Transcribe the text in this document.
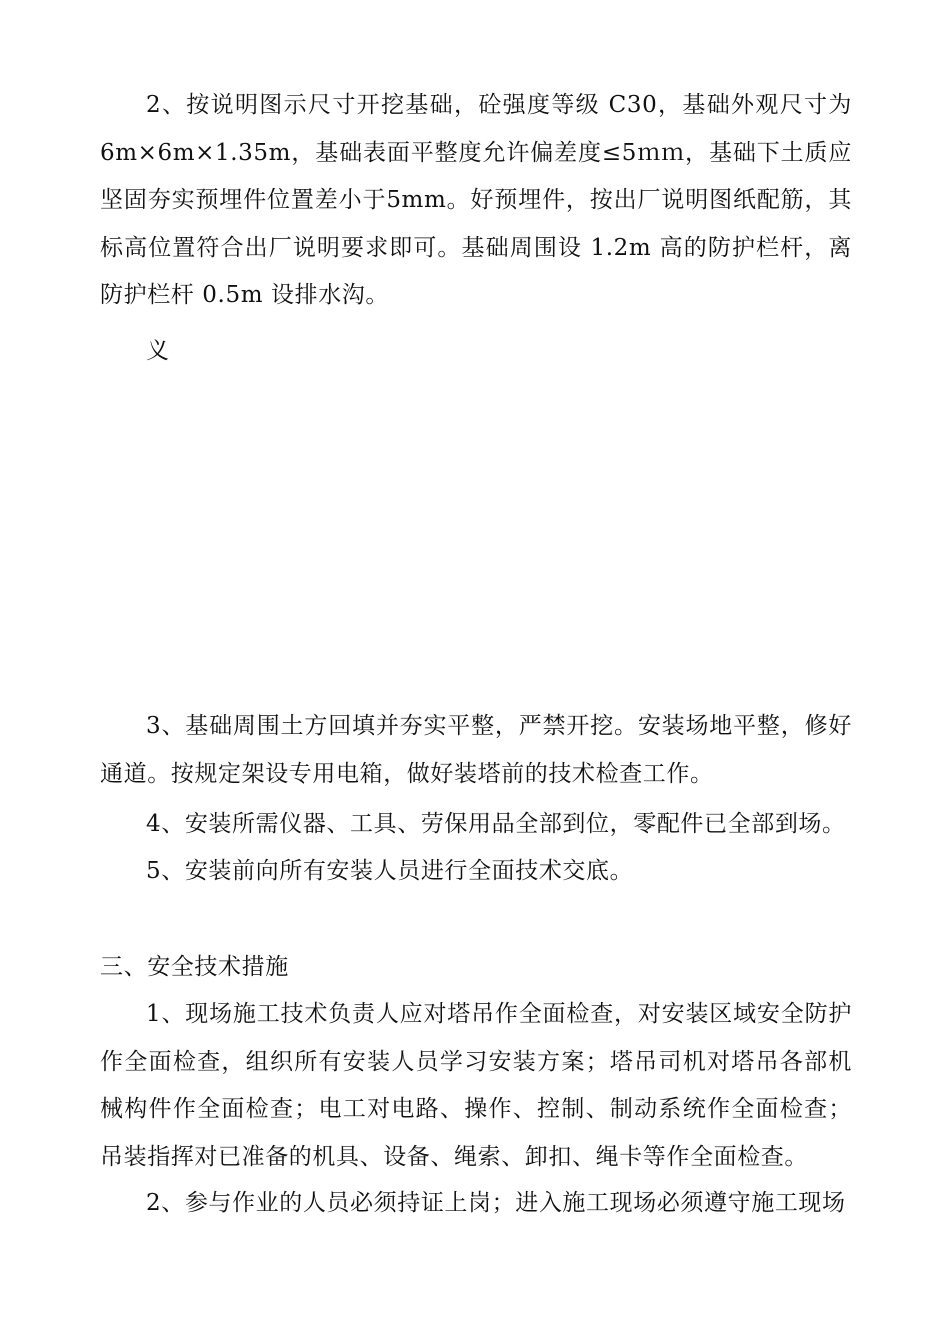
2、按说明图示尺寸开挖基础，砼强度等级 C30，基础外观尺寸为 6m×6m×1.35m，基础表面平整度允许偏差度≤5ｍｍ，基础下土质应坚固夯实预埋件位置差小于5mm。好预埋件，按出厂说明图纸配筋，其标高位置符合出厂说明要求即可。基础周围设 1.2m 高的防护栏杆，离防护栏杆 0.5m 设排水沟。

义

3、基础周围土方回填并夯实平整，严禁开挖。安装场地平整，修好通道。按规定架设专用电箱，做好装塔前的技术检查工作。

4、安装所需仪器、工具、劳保用品全部到位，零配件已全部到场。

5、安装前向所有安装人员进行全面技术交底。

三、安全技术措施

1、现场施工技术负责人应对塔吊作全面检查，对安装区域安全防护作全面检查，组织所有安装人员学习安装方案；塔吊司机对塔吊各部机械构件作全面检查；电工对电路、操作、控制、制动系统作全面检查；吊装指挥对已准备的机具、设备、绳索、卸扣、绳卡等作全面检查。

2、参与作业的人员必须持证上岗；进入施工现场必须遵守施工现场
